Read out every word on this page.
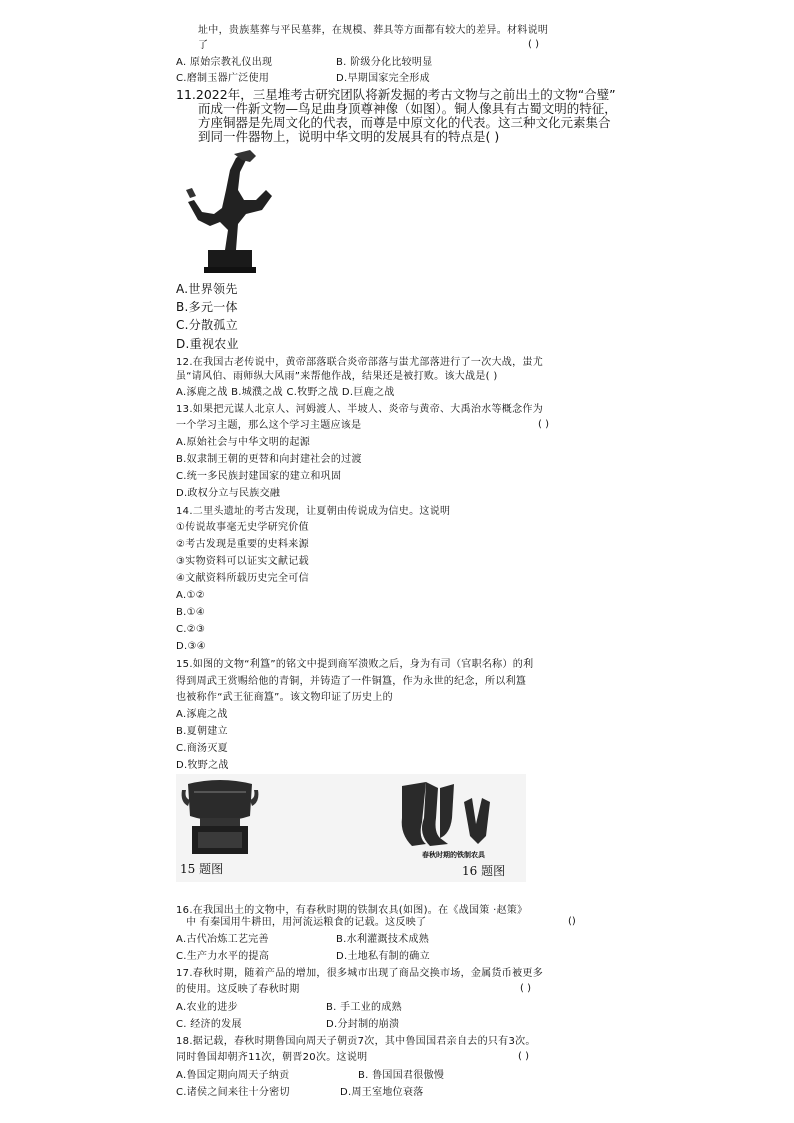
址中，贵族墓葬与平民墓葬，在规模、葬具等方面都有较大的差异。材料说明
了	( )
A. 原始宗教礼仪出现	B. 阶级分化比较明显
C.磨制玉器广泛使用	D.早期国家完全形成
11.2022年，三星堆考古研究团队将新发掘的考古文物与之前出土的文物“合璧”
而成一件新文物—鸟足曲身顶尊神像（如图）。铜人像具有古蜀文明的特征，
方座铜器是先周文化的代表，而尊是中原文化的代表。这三种文化元素集合
到同一件器物上，说明中华文明的发展具有的特点是( )
A.世界领先
B.多元一体
C.分散孤立
D.重视农业
12.在我国古老传说中，黄帝部落联合炎帝部落与蚩尤部落进行了一次大战，蚩尤
虽“请风伯、雨师纵大风雨”来帮他作战，结果还是被打败。该大战是( )
A.涿鹿之战 B.城濮之战 C.牧野之战 D.巨鹿之战
13.如果把元谋人北京人、河姆渡人、半坡人、炎帝与黄帝、大禹治水等概念作为
一个学习主题，那么这个学习主题应该是	( )
A.原始社会与中华文明的起源
B.奴隶制王朝的更替和向封建社会的过渡
C.统一多民族封建国家的建立和巩固
D.政权分立与民族交融
14.二里头遗址的考古发现，让夏朝由传说成为信史。这说明
①传说故事毫无史学研究价值
②考古发现是重要的史料来源
③实物资料可以证实文献记载
④文献资料所载历史完全可信
A.①②
B.①④
C.②③
D.③④
15.如图的文物“利簋”的铭文中提到商军溃败之后，身为有司（官职名称）的利
得到周武王赏赐给他的青铜，并铸造了一件铜簋，作为永世的纪念，所以利簋
也被称作“武王征商簋”。该文物印证了历史上的
A.涿鹿之战
B.夏朝建立
C.商汤灭夏
D.牧野之战
15 题图
春秋时期的铁制农具
16 题图
16.在我国出土的文物中，有春秋时期的铁制农具(如图)。在《战国策 ·赵策》
中 有秦国用牛耕田，用河流运粮食的记载。这反映了	()
A.古代冶炼工艺完善	B.水利灌溉技术成熟
C.生产力水平的提高	D.土地私有制的确立
17.春秋时期，随着产品的增加，很多城市出现了商品交换市场，金属货币被更多
的使用。这反映了春秋时期	( )
A.农业的进步	B. 手工业的成熟
C. 经济的发展	D.分封制的崩溃
18.据记载，春秋时期鲁国向周天子朝贡7次，其中鲁国国君亲自去的只有3次。
同时鲁国却朝齐11次，朝晋20次。这说明	( )
A.鲁国定期向周天子纳贡	B. 鲁国国君很傲慢
C.诸侯之间来往十分密切	D.周王室地位衰落
